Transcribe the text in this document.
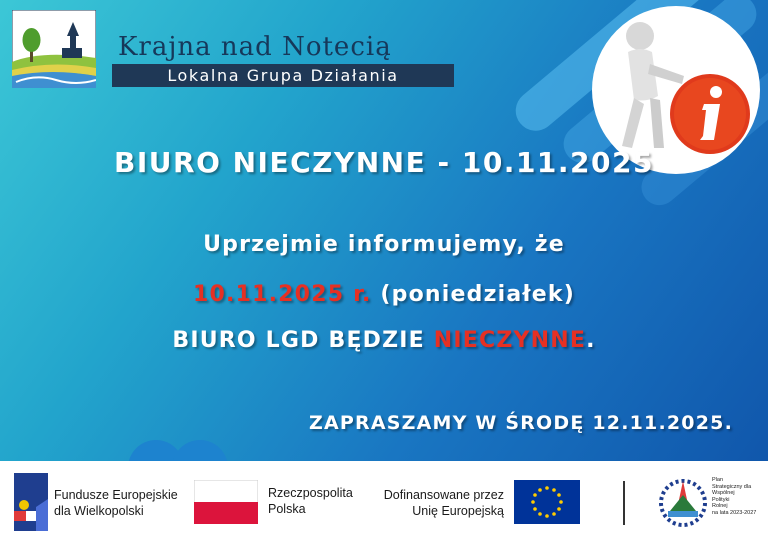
Krajna nad Notecią
Lokalna Grupa Działania
BIURO NIECZYNNE - 10.11.2025
Uprzejmie informujemy, że
10.11.2025 r. (poniedziałek)
BIURO LGD BĘDZIE NIECZYNNE.
ZAPRASZAMY W ŚRODĘ 12.11.2025.
Fundusze Europejskie
dla Wielkopolski
Rzeczpospolita
Polska
Dofinansowane przez
Unię Europejską
Plan
Strategiczny dla
Wspólnej
Polityki
Rolnej
na lata 2023-2027
